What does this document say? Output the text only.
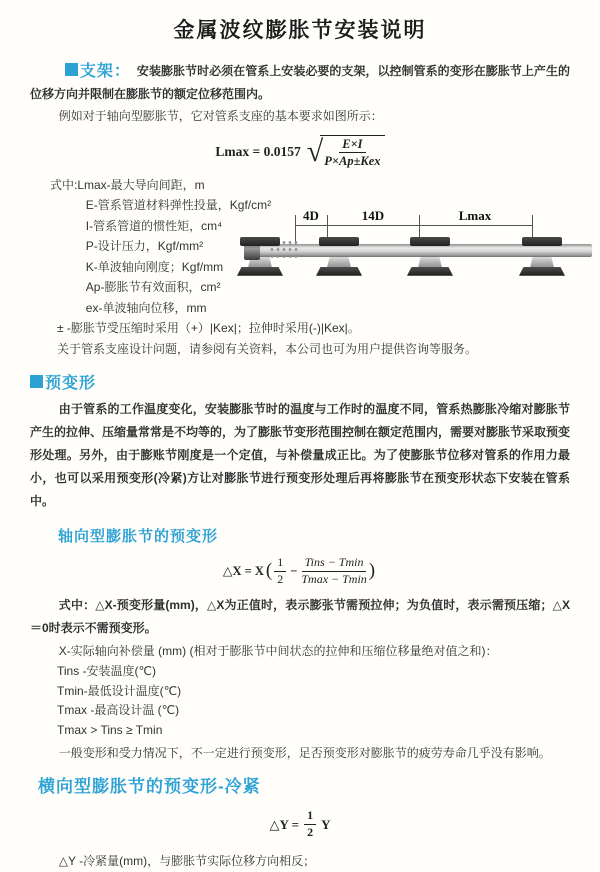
金属波纹膨胀节安装说明

支架： 安装膨胀节时必须在管系上安装必要的支架，以控制管系的变形在膨胀节上产生的位移方向并限制在膨胀节的额定位移范围内。

例如对于轴向型膨胀节，它对管系支座的基本要求如图所示：

Lmax = 0.0157 √ $\frac{E\times I}{\text{P×Ap±Kex}}$
式中:Lmax-最大导向间距，m
E-管系管道材料弹性投量，Kgf/cm²
I-管系管道的惯性矩，cm⁴
P-设计压力，Kgf/mm²
K-单波轴向刚度；Kgf/mm
Ap-膨胀节有效面积，cm²
ex-单波轴向位移，mm
± -膨胀节受压缩时采用（+）|Kex|；拉伸时采用(-)|Kex|。
关于管系支座设计问题，请参阅有关资料，本公司也可为用户提供咨询等服务。
4D	14D	Lmax

预变形

由于管系的工作温度变化，安装膨胀节时的温度与工作时的温度不同，管系热膨胀冷缩对膨胀节产生的拉伸、压缩量常常是不均等的，为了膨胀节变形范围控制在额定范围内，需要对膨胀节采取预变形处理。另外，由于膨账节刚度是一个定值，与补偿量成正比。为了使膨胀节位移对管系的作用力最小，也可以采用预变形(冷紧)方让对膨胀节进行预变形处理后再将膨胀节在预变形状态下安装在管系中。

轴向型膨胀节的预变形
△X = X ( $\frac{1}{2} - \frac{\text{Tins − Tmin}}{Tmax - Tmin}$ )

式中：△X-预变形量(mm)，△X为正值时，表示膨张节需预拉伸；为负值时，表示需预压缩；△X＝0时表示不需预变形。

X-实际轴向补偿量 (mm) (相对于膨胀节中间状态的拉伸和压缩位移量绝对值之和)：

Tins -安装温度(℃)
Tmin-最低设计温度(℃)
Tmax -最高设计温 (℃)
Tmax > Tins ≥ Tmin

一般变形和受力情况下，不一定进行预变形，足否预变形对膨胀节的疲劳寿命几乎没有影响。

横向型膨胀节的预变形-冷紧
△Y = $\frac{1}{2}$ Y

△Y -冷紧量(mm)，与膨胀节实际位移方向相反；
